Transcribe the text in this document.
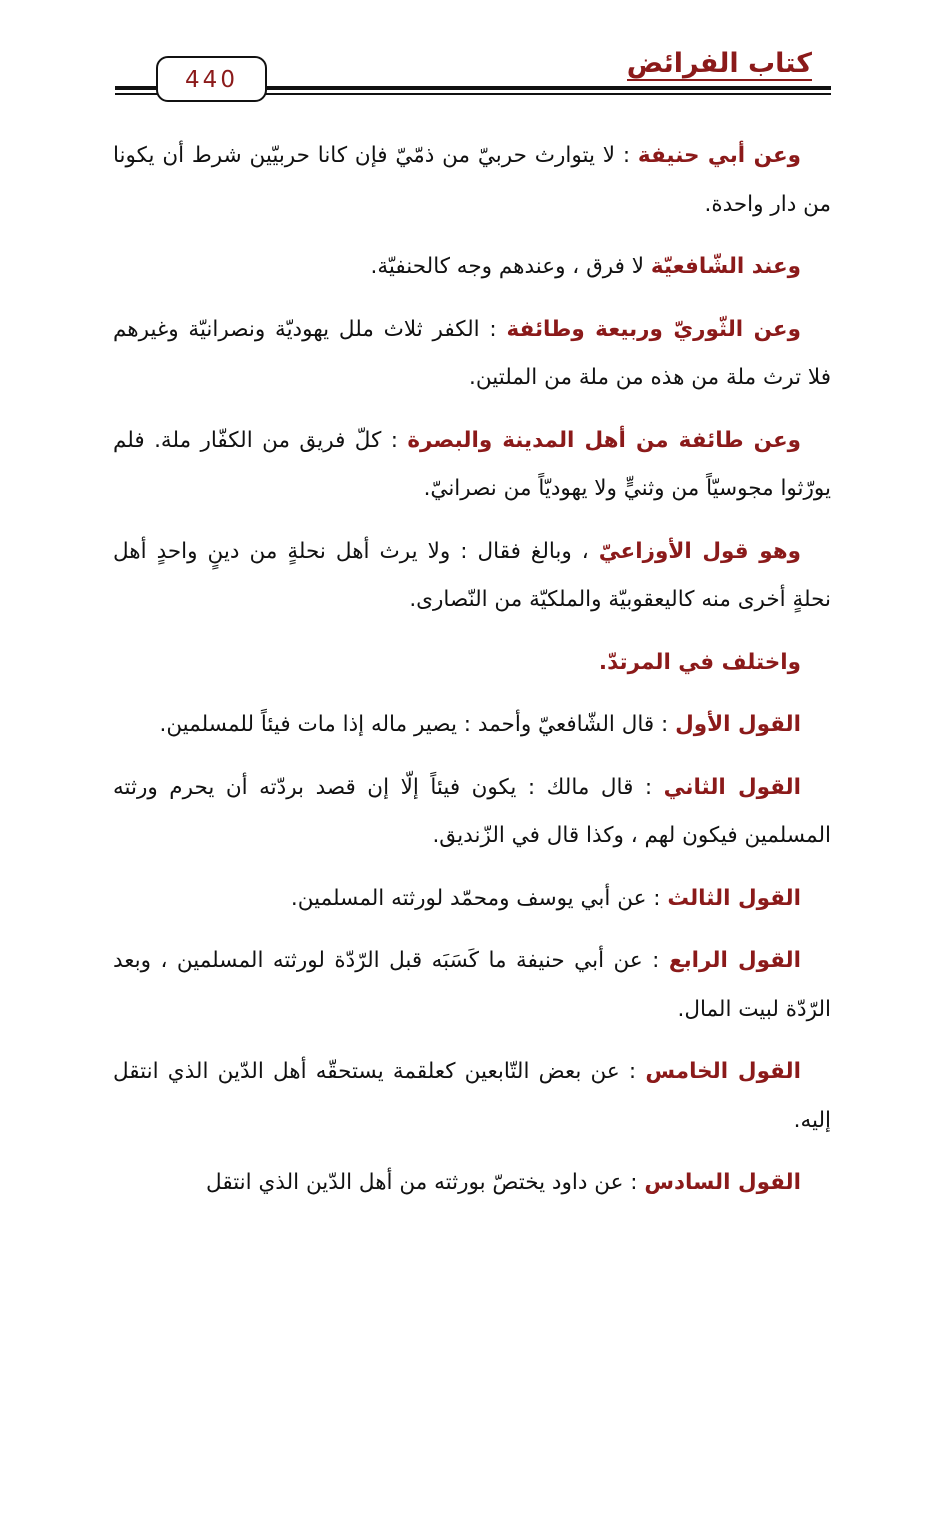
440
كتاب الفرائض

وعن أبي حنيفة : لا يتوارث حربيّ من ذمّيّ فإن كانا حربيّين شرط أن يكونا من دار واحدة.

وعند الشّافعيّة لا فرق ، وعندهم وجه كالحنفيّة.

وعن الثّوريّ وربيعة وطائفة : الكفر ثلاث ملل يهوديّة ونصرانيّة وغيرهم فلا ترث ملة من هذه من ملة من الملتين.

وعن طائفة من أهل المدينة والبصرة : كلّ فريق من الكفّار ملة. فلم يورّثوا مجوسيّاً من وثنيٍّ ولا يهوديّاً من نصرانيّ.

وهو قول الأوزاعيّ ، وبالغ فقال : ولا يرث أهل نحلةٍ من دينٍ واحدٍ أهل نحلةٍ أخرى منه كاليعقوبيّة والملكيّة من النّصارى.

واختلف في المرتدّ.

القول الأول : قال الشّافعيّ وأحمد : يصير ماله إذا مات فيئاً للمسلمين.

القول الثاني : قال مالك : يكون فيئاً إلّا إن قصد بردّته أن يحرم ورثته المسلمين فيكون لهم ، وكذا قال في الزّنديق.

القول الثالث : عن أبي يوسف ومحمّد لورثته المسلمين.

القول الرابع : عن أبي حنيفة ما كَسَبَه قبل الرّدّة لورثته المسلمين ، وبعد الرّدّة لبيت المال.

القول الخامس : عن بعض التّابعين كعلقمة يستحقّه أهل الدّين الذي انتقل إليه.

القول السادس : عن داود يختصّ بورثته من أهل الدّين الذي انتقل
